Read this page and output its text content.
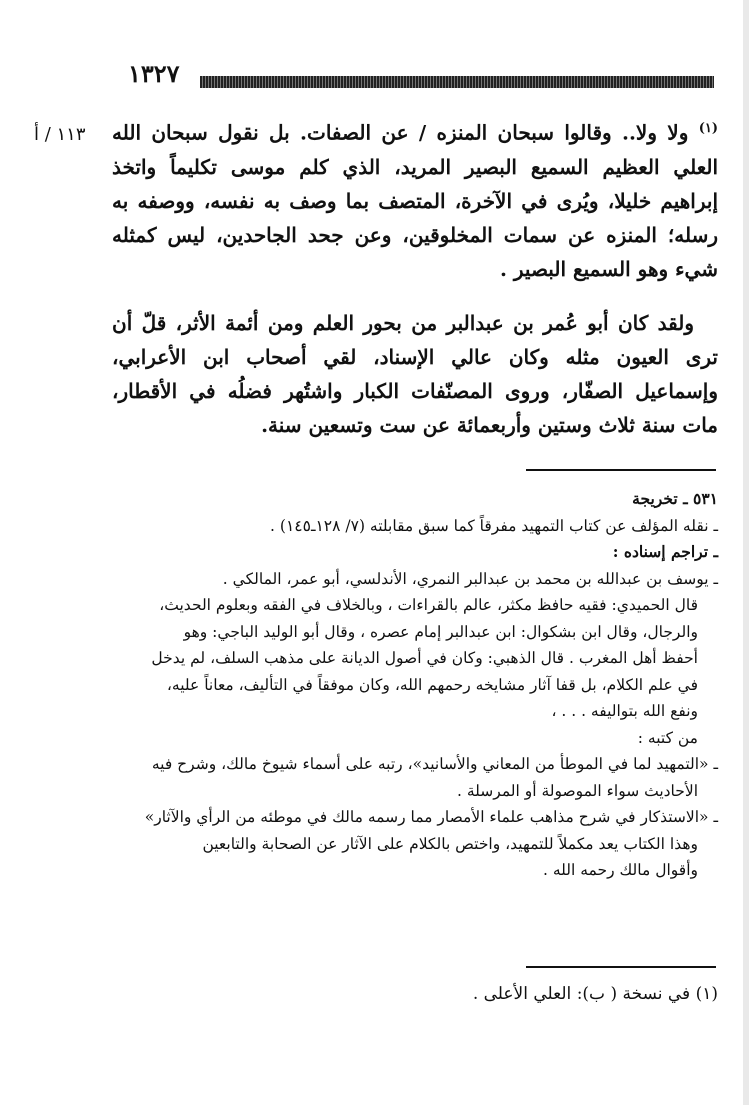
١٣٢٧
١١٣ / أ	$^{(١)}$ ولا ولا.. وقالوا سبحان المنزه / عن الصفات. بل نقول سبحان الله العلي العظيم السميع البصير المريد، الذي كلم موسى تكليماً واتخذ إبراهيم خليلا، ويُرى في الآخرة، المتصف بما وصف به نفسه، ووصفه به رسله؛ المنزه عن سمات المخلوقين، وعن جحد الجاحدين، ليس كمثله شيء وهو السميع البصير .

ولقد كان أبو عُمر بن عبدالبر من بحور العلم ومن أئمة الأثر، قلّ أن ترى العيون مثله وكان عالي الإسناد، لقي أصحاب ابن الأعرابي، وإسماعيل الصفّار، وروى المصنّفات الكبار واشتُهر فضلُه في الأقطار، مات سنة ثلاث وستين وأربعمائة عن ست وتسعين سنة.

٥٣١ ـ تخريجة
ـ نقله المؤلف عن كتاب التمهيد مفرقاً كما سبق مقابلته (٧/ ١٢٨ـ١٤٥) .
ـ تراجم إسناده :
ـ يوسف بن عبدالله بن محمد بن عبدالبر النمري، الأندلسي، أبو عمر، المالكي .
قال الحميدي: فقيه حافظ مكثر، عالم بالقراءات ، وبالخلاف في الفقه وبعلوم الحديث،
والرجال، وقال ابن بشكوال: ابن عبدالبر إمام عصره ، وقال أبو الوليد الباجي: وهو
أحفظ أهل المغرب . قال الذهبي: وكان في أصول الديانة على مذهب السلف، لم يدخل
في علم الكلام، بل قفا آثار مشايخه رحمهم الله، وكان موفقاً في التأليف، معاناً عليه،
ونفع الله بتواليفه . . . ،
من كتبه :
ـ «التمهيد لما في الموطأ من المعاني والأسانيد»، رتبه على أسماء شيوخ مالك، وشرح فيه
الأحاديث سواء الموصولة أو المرسلة .
ـ «الاستذكار في شرح مذاهب علماء الأمصار مما رسمه مالك في موطئه من الرأي والآثار»
وهذا الكتاب يعد مكملاً للتمهيد، واختص بالكلام على الآثار عن الصحابة والتابعين
وأقوال مالك رحمه الله .
(١) في نسخة ( ب): العلي الأعلى .
